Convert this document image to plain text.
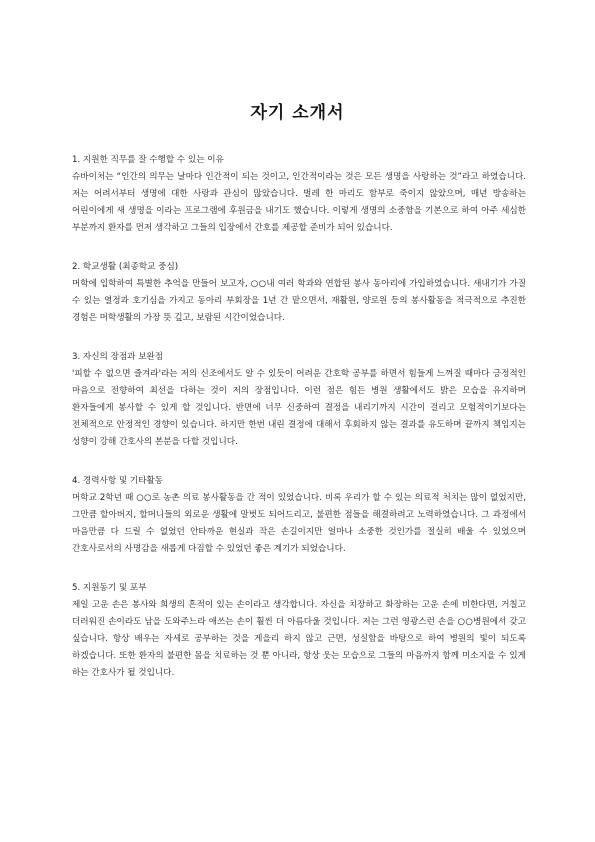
자기 소개서
1. 지원한 직무를 잘 수행할 수 있는 이유
슈바이처는 “인간의 의무는 날마다 인간적이 되는 것이고, 인간적이라는 것은 모든 생명을 사랑하는 것”라고 하였습니다. 저는 어려서부터 생명에 대한 사랑과 관심이 많았습니다. 벌레 한 마리도 함부로 죽이지 않았으며, 매년 방송하는 어린이에게 새 생명을 이라는 프로그램에 후원금을 내기도 했습니다. 이렇게 생명의 소중함을 기본으로 하여 아주 세심한 부분까지 환자를 먼저 생각하고 그들의 입장에서 간호를 제공할 준비가 되어 있습니다.
2. 학교생활 (최종학교 중심)
머학에 입학하여 특별한 추억을 만들어 보고자, ○○내 여러 학과와 연합된 봉사 동아리에 가입하였습니다. 새내기가 가질 수 있는 열정과 호기심을 가지고 동아리 부회장을 1년 간 맡으면서, 재활원, 양로원 등의 봉사활동을 적극적으로 추진한 경험은 머학생활의 가장 뜻 깊고, 보람된 시간이었습니다.
3. 자신의 장점과 보완점
'피할 수 없으면 즐겨라'라는 저의 신조에서도 알 수 있듯이 어려운 간호학 공부를 하면서 힘들게 느껴질 때마다 긍정적인 마음으로 전향하여 최선을 다하는 것이 저의 장점입니다. 이런 점은 힘든 병원 생활에서도 밝은 모습을 유지하며 환자들에게 봉사할 수 있게 할 것입니다. 반면에 너무 신중하여 결정을 내리기까지 시간이 걸리고 모험적이기보다는 전체적으로 안정적인 경향이 있습니다. 하지만 한번 내린 결정에 대해서 후회하지 않는 결과를 유도하며 끝까지 책임지는 성향이 강해 간호사의 본분을 다할 것입니다.
4. 경력사항 및 기타활동
머학교 2학년 때 ○○로 농촌 의료 봉사활동을 간 적이 있었습니다. 비록 우리가 할 수 있는 의료적 처치는 많이 없었지만, 그만큼 할아버지, 할머니들의 외로운 생활에 말벗도 되어드리고, 불편한 점들을 해결하려고 노력하였습니다. 그 과정에서 마음만큼 다 드릴 수 없었던 안타까운 현실과 작은 손길이지만 얼마나 소중한 것인가를 절실히 배울 수 있었으며 간호사로서의 사명감을 새롭게 다짐할 수 있었던 좋은 계기가 되었습니다.
5. 지원동기 및 포부
제일 고운 손은 봉사와 희생의 흔적이 있는 손이라고 생각합니다. 자신을 치장하고 화장하는 고운 손에 비한다면, 거칠고 더러워진 손이라도 남을 도와주느라 애쓰는 손이 훨씬 더 아름다울 것입니다. 저는 그런 영광스런 손을 ○○병원에서 갖고 싶습니다. 항상 배우는 자세로 공부하는 것을 게을리 하지 않고 근면, 성실함을 바탕으로 하여 병원의 빛이 되도록 하겠습니다. 또한 환자의 불편한 몸을 치료하는 것 뿐 아니라, 항상 웃는 모습으로 그들의 마음까지 함께 미소지을 수 있게 하는 간호사가 될 것입니다.
